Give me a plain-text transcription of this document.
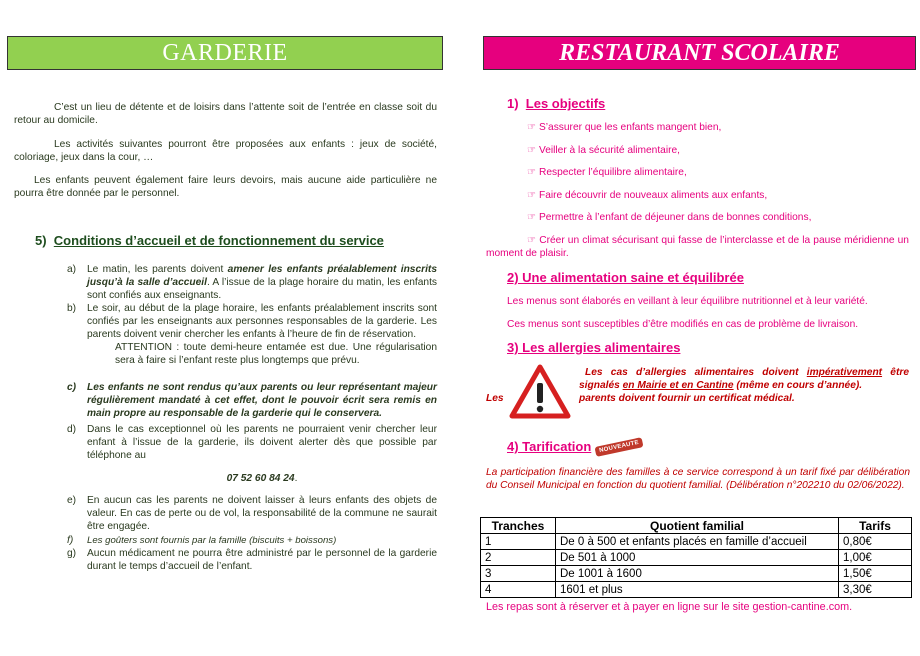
GARDERIE
C’est un lieu de détente et de loisirs dans l’attente soit de l’entrée en classe soit du retour au domicile.
Les activités suivantes pourront être proposées aux enfants : jeux de société, coloriage, jeux dans la cour, …
Les enfants peuvent également faire leurs devoirs, mais aucune aide particulière ne pourra être donnée par le personnel.
5) Conditions d’accueil et de fonctionnement du service
a) Le matin, les parents doivent amener les enfants préalablement inscrits jusqu’à la salle d’accueil. A l’issue de la plage horaire du matin, les enfants sont confiés aux enseignants.
b) Le soir, au début de la plage horaire, les enfants préalablement inscrits sont confiés par les enseignants aux personnes responsables de la garderie. Les parents doivent venir chercher les enfants à l’heure de fin de réservation.
ATTENTION : toute demi-heure entamée est due. Une régularisation sera à faire si l’enfant reste plus longtemps que prévu.
c) Les enfants ne sont rendus qu’aux parents ou leur représentant majeur régulièrement mandaté à cet effet, dont le pouvoir écrit sera remis en main propre au responsable de la garderie qui le conservera.
d) Dans le cas exceptionnel où les parents ne pourraient venir chercher leur enfant à l’issue de la garderie, ils doivent alerter dès que possible par téléphone au
07 52 60 84 24.
e) En aucun cas les parents ne doivent laisser à leurs enfants des objets de valeur. En cas de perte ou de vol, la responsabilité de la commune ne saurait être engagée.
f) Les goûters sont fournis par la famille (biscuits + boissons)
g) Aucun médicament ne pourra être administré par le personnel de la garderie durant le temps d’accueil de l’enfant.
RESTAURANT SCOLAIRE
1) Les objectifs
☞ S’assurer que les enfants mangent bien,
☞ Veiller à la sécurité alimentaire,
☞ Respecter l’équilibre alimentaire,
☞ Faire découvrir de nouveaux aliments aux enfants,
☞ Permettre à l’enfant de déjeuner dans de bonnes conditions,
☞ Créer un climat sécurisant qui fasse de l’interclasse et de la pause méridienne un moment de plaisir.
2) Une alimentation saine et équilibrée
Les menus sont élaborés en veillant à leur équilibre nutritionnel et à leur variété.
Ces menus sont susceptibles d’être modifiés en cas de problème de livraison.
3) Les allergies alimentaires
Les cas d’allergies alimentaires doivent impérativement être signalés en Mairie et en Cantine (même en cours d’année).
Les	parents doivent fournir un certificat médical.
4) Tarification NOUVEAUTE
La participation financière des familles à ce service correspond à un tarif fixé par délibération du Conseil Municipal en fonction du quotient familial. (Délibération n°202210 du 02/06/2022).
Tranches	Quotient familial	Tarifs
1	De 0 à 500 et enfants placés en famille d’accueil	0,80€
2	De 501 à 1000	1,00€
3	De 1001 à 1600	1,50€
4	1601 et plus	3,30€
Les repas sont à réserver et à payer en ligne sur le site gestion-cantine.com.
